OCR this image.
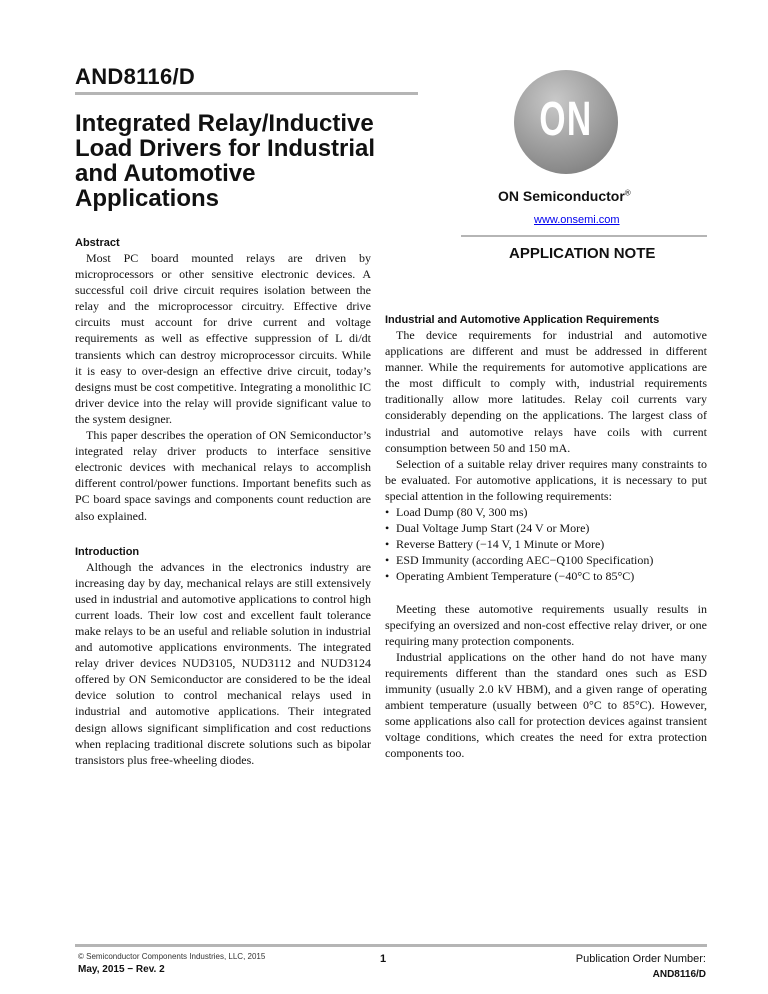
AND8116/D
Integrated Relay/Inductive Load Drivers for Industrial and Automotive Applications
ON
ON Semiconductor®
www.onsemi.com
APPLICATION NOTE
Abstract

Most PC board mounted relays are driven by microprocessors or other sensitive electronic devices. A successful coil drive circuit requires isolation between the relay and the microprocessor circuitry. Effective drive circuits must account for drive current and voltage requirements as well as effective suppression of L di/dt transients which can destroy microprocessor circuits. While it is easy to over-design an effective drive circuit, today’s designs must be cost competitive. Integrating a monolithic IC driver device into the relay will provide significant value to the system designer.

This paper describes the operation of ON Semiconductor’s integrated relay driver products to interface sensitive electronic devices with mechanical relays to accomplish different control/power functions. Important benefits such as PC board space savings and components count reduction are also explained.

Introduction

Although the advances in the electronics industry are increasing day by day, mechanical relays are still extensively used in industrial and automotive applications to control high current loads. Their low cost and excellent fault tolerance make relays to be an useful and reliable solution in industrial and automotive applications environments. The integrated relay driver devices NUD3105, NUD3112 and NUD3124 offered by ON Semiconductor are considered to be the ideal device solution to control mechanical relays used in industrial and automotive applications. Their integrated design allows significant simplification and cost reductions when replacing traditional discrete solutions such as bipolar transistors plus free-wheeling diodes.

Industrial and Automotive Application Requirements

The device requirements for industrial and automotive applications are different and must be addressed in different manner. While the requirements for automotive applications are the most difficult to comply with, industrial requirements traditionally allow more latitudes. Relay coil currents vary considerably depending on the applications. The largest class of industrial and automotive relays have coils with current consumption between 50 and 150 mA.

Selection of a suitable relay driver requires many constraints to be evaluated. For automotive applications, it is necessary to put special attention in the following requirements:

• Load Dump (80 V, 300 ms)
• Dual Voltage Jump Start (24 V or More)
• Reverse Battery (−14 V, 1 Minute or More)
• ESD Immunity (according AEC−Q100 Specification)
• Operating Ambient Temperature (−40°C to 85°C)

Meeting these automotive requirements usually results in specifying an oversized and non-cost effective relay driver, or one requiring many protection components.

Industrial applications on the other hand do not have many requirements different than the standard ones such as ESD immunity (usually 2.0 kV HBM), and a given range of operating ambient temperature (usually between 0°C to 85°C). However, some applications also call for protection devices against transient voltage conditions, which creates the need for extra protection components too.

© Semiconductor Components Industries, LLC, 2015
May, 2015 − Rev. 2
1	Publication Order Number:
AND8116/D
